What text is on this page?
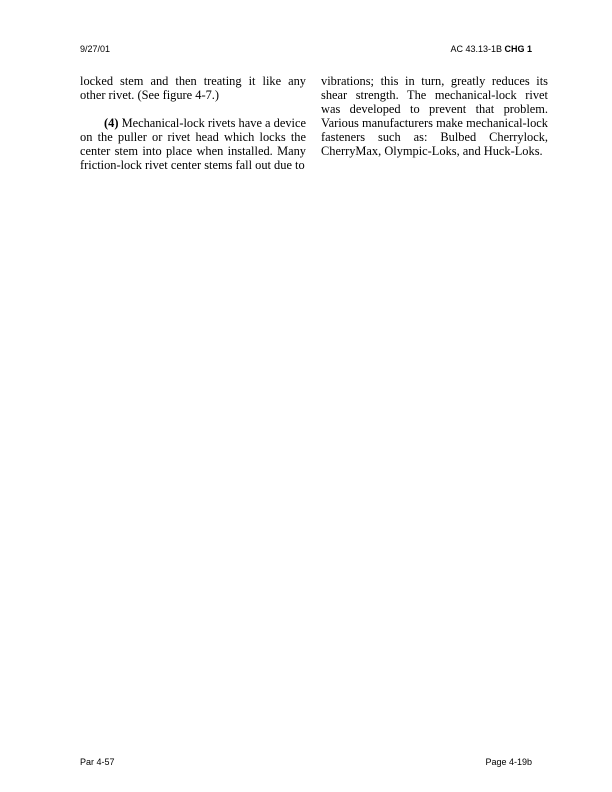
9/27/01	AC 43.13-1B CHG 1

locked stem and then treating it like any other rivet. (See figure 4-7.)

(4) Mechanical-lock rivets have a device on the puller or rivet head which locks the center stem into place when installed. Many friction-lock rivet center stems fall out due to

vibrations; this in turn, greatly reduces its shear strength. The mechanical-lock rivet was developed to prevent that problem. Various manufacturers make mechanical-lock fasteners such as: Bulbed Cherrylock, CherryMax, Olympic-Loks, and Huck-Loks.

Par 4-57	Page 4-19b
